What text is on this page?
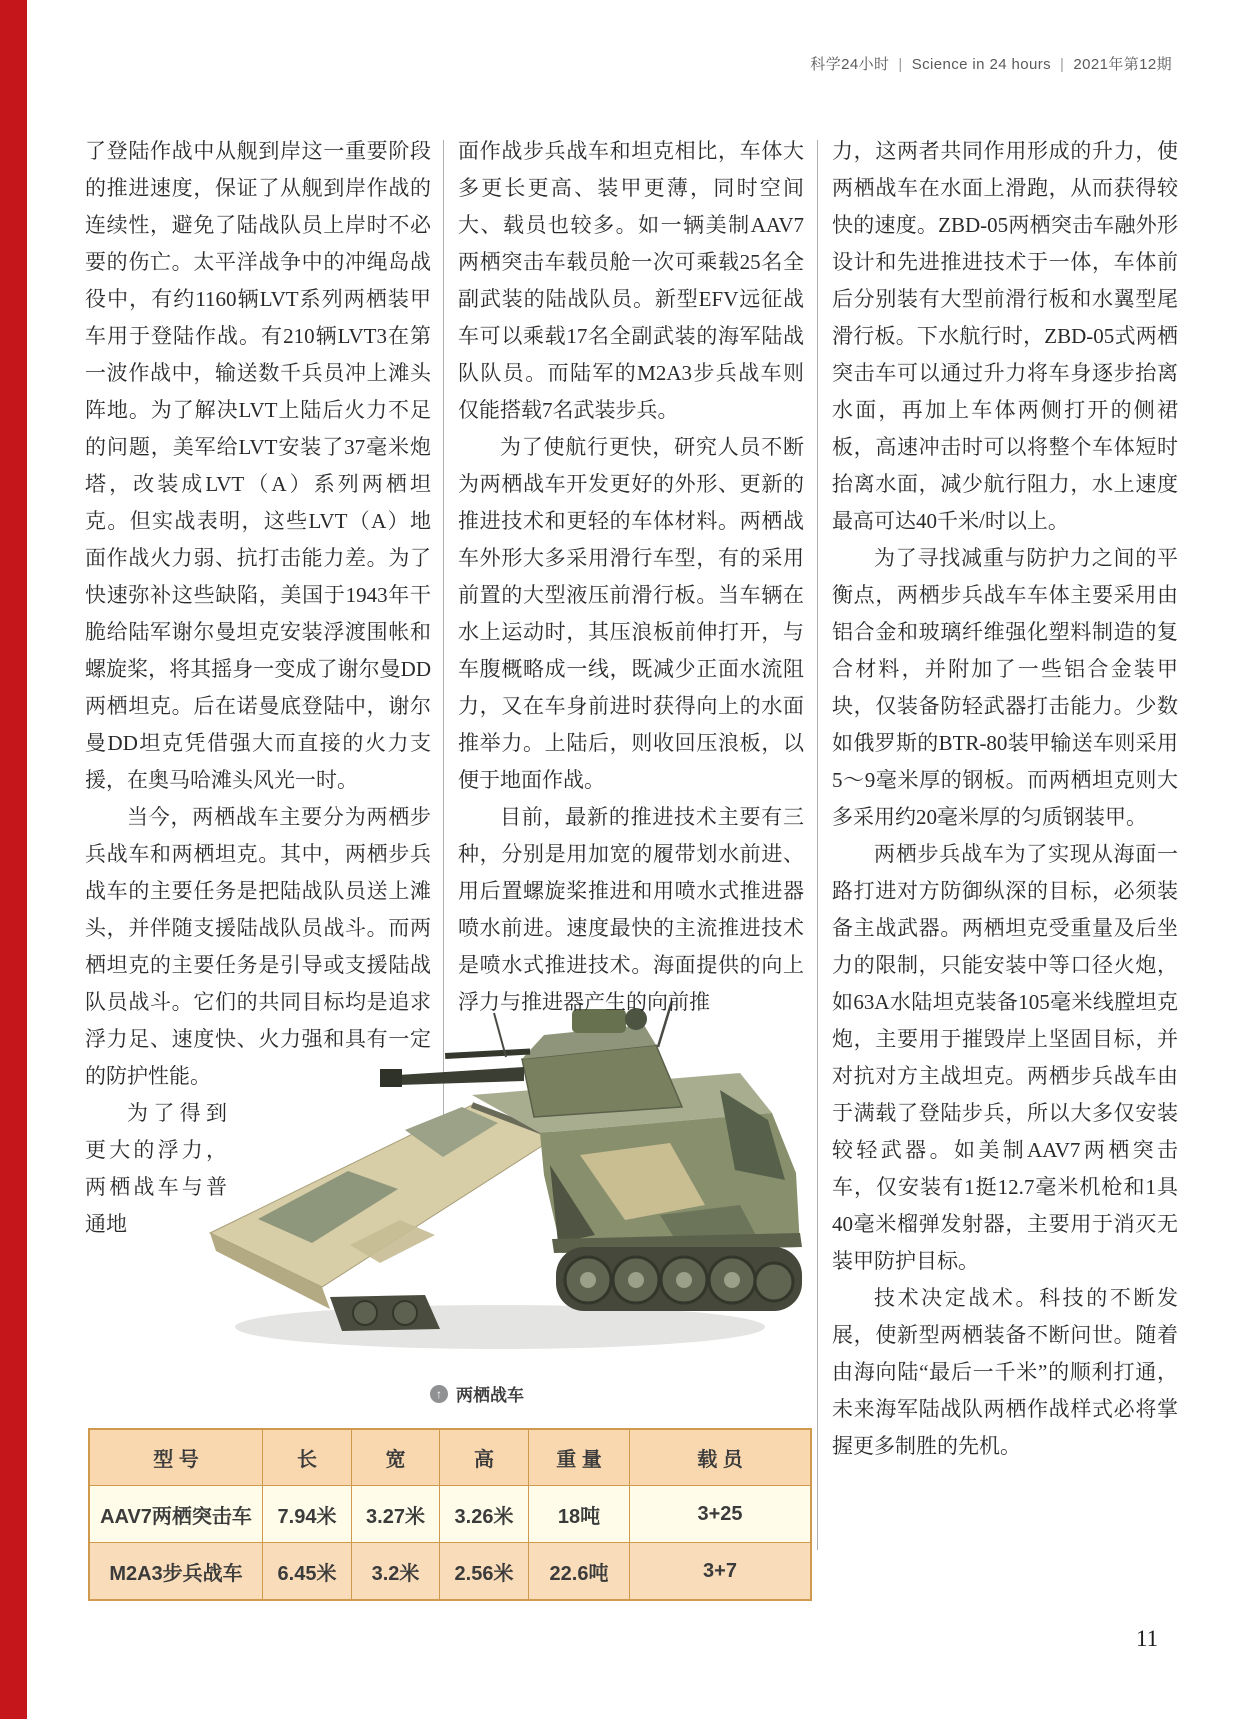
科学24小时 | Science in 24 hours | 2021年第12期

了登陆作战中从舰到岸这一重要阶段的推进速度，保证了从舰到岸作战的连续性，避免了陆战队员上岸时不必要的伤亡。太平洋战争中的冲绳岛战役中，有约1160辆LVT系列两栖装甲车用于登陆作战。有210辆LVT3在第一波作战中，输送数千兵员冲上滩头阵地。为了解决LVT上陆后火力不足的问题，美军给LVT安装了37毫米炮塔，改装成LVT（A）系列两栖坦克。但实战表明，这些LVT（A）地面作战火力弱、抗打击能力差。为了快速弥补这些缺陷，美国于1943年干脆给陆军谢尔曼坦克安装浮渡围帐和螺旋桨，将其摇身一变成了谢尔曼DD两栖坦克。后在诺曼底登陆中，谢尔曼DD坦克凭借强大而直接的火力支援，在奥马哈滩头风光一时。

当今，两栖战车主要分为两栖步兵战车和两栖坦克。其中，两栖步兵战车的主要任务是把陆战队员送上滩头，并伴随支援陆战队员战斗。而两栖坦克的主要任务是引导或支援陆战队员战斗。它们的共同目标均是追求浮力足、速度快、火力强和具有一定的防护性能。

为了得到更大的浮力，两栖战车与普通地

面作战步兵战车和坦克相比，车体大多更长更高、装甲更薄，同时空间大、载员也较多。如一辆美制AAV7两栖突击车载员舱一次可乘载25名全副武装的陆战队员。新型EFV远征战车可以乘载17名全副武装的海军陆战队队员。而陆军的M2A3步兵战车则仅能搭载7名武装步兵。

为了使航行更快，研究人员不断为两栖战车开发更好的外形、更新的推进技术和更轻的车体材料。两栖战车外形大多采用滑行车型，有的采用前置的大型液压前滑行板。当车辆在水上运动时，其压浪板前伸打开，与车腹概略成一线，既减少正面水流阻力，又在车身前进时获得向上的水面推举力。上陆后，则收回压浪板，以便于地面作战。

目前，最新的推进技术主要有三种，分别是用加宽的履带划水前进、用后置螺旋桨推进和用喷水式推进器喷水前进。速度最快的主流推进技术是喷水式推进技术。海面提供的向上浮力与推进器产生的向前推

力，这两者共同作用形成的升力，使两栖战车在水面上滑跑，从而获得较快的速度。ZBD-05两栖突击车融外形设计和先进推进技术于一体，车体前后分别装有大型前滑行板和水翼型尾滑行板。下水航行时，ZBD-05式两栖突击车可以通过升力将车身逐步抬离水面，再加上车体两侧打开的侧裙板，高速冲击时可以将整个车体短时抬离水面，减少航行阻力，水上速度最高可达40千米/时以上。

为了寻找减重与防护力之间的平衡点，两栖步兵战车车体主要采用由铝合金和玻璃纤维强化塑料制造的复合材料，并附加了一些铝合金装甲块，仅装备防轻武器打击能力。少数如俄罗斯的BTR-80装甲输送车则采用5～9毫米厚的钢板。而两栖坦克则大多采用约20毫米厚的匀质钢装甲。

两栖步兵战车为了实现从海面一路打进对方防御纵深的目标，必须装备主战武器。两栖坦克受重量及后坐力的限制，只能安装中等口径火炮，如63A水陆坦克装备105毫米线膛坦克炮，主要用于摧毁岸上坚固目标，并对抗对方主战坦克。两栖步兵战车由于满载了登陆步兵，所以大多仅安装较轻武器。如美制AAV7两栖突击车，仅安装有1挺12.7毫米机枪和1具40毫米榴弹发射器，主要用于消灭无装甲防护目标。

技术决定战术。科技的不断发展，使新型两栖装备不断问世。随着由海向陆“最后一千米”的顺利打通，未来海军陆战队两栖作战样式必将掌握更多制胜的先机。

↑ 两栖战车
型 号	长	宽	高	重 量	载 员
AAV7两栖突击车	7.94米	3.27米	3.26米	18吨	3+25
M2A3步兵战车	6.45米	3.2米	2.56米	22.6吨	3+7
11
